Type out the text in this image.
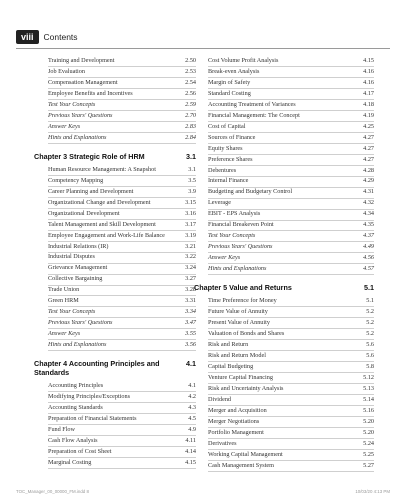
viii	Contents
Training and Development	2.50
Job Evaluation	2.53
Compensation Management	2.54
Employee Benefits and Incentives	2.56
Test Your Concepts	2.59
Previous Years' Questions	2.70
Answer Keys	2.83
Hints and Explanations	2.84
Chapter 3 Strategic Role of HRM	3.1
Human Resource Management: A Snapshot	3.1
Competency Mapping	3.5
Career Planning and Development	3.9
Organizational Change and Development	3.15
Organizational Development	3.16
Talent Management and Skill Development	3.17
Employee Engagement and Work-Life Balance	3.19
Industrial Relations (IR)	3.21
Industrial Disputes	3.22
Grievance Management	3.24
Collective Bargaining	3.27
Trade Union	3.28
Green HRM	3.31
Test Your Concepts	3.34
Previous Years' Questions	3.47
Answer Keys	3.55
Hints and Explanations	3.56
Chapter 4 Accounting Principles and Standards
4.1
Accounting Principles	4.1
Modifying Principles/Exceptions	4.2
Accounting Standards	4.3
Preparation of Financial Statements	4.5
Fund Flow	4.9
Cash Flow Analysis	4.11
Preparation of Cost Sheet	4.14
Marginal Costing	4.15
Cost Volume Profit Analysis	4.15
Break-even Analysis	4.16
Margin of Safety	4.16
Standard Costing	4.17
Accounting Treatment of Variances	4.18
Financial Management: The Concept	4.19
Cost of Capital	4.25
Sources of Finance	4.27
Equity Shares	4.27
Preference Shares	4.27
Debentures	4.28
Internal Finance	4.29
Budgeting and Budgetary Control	4.31
Leverage	4.32
EBIT - EPS Analysis	4.34
Financial Breakeven Point	4.35
Test Your Concepts	4.37
Previous Years' Questions	4.49
Answer Keys	4.56
Hints and Explanations	4.57
Chapter 5 Value and Returns	5.1
Time Preference for Money	5.1
Future Value of Annuity	5.2
Present Value of Annuity	5.2
Valuation of Bonds and Shares	5.2
Risk and Return	5.6
Risk and Return Model	5.6
Capital Budgeting	5.8
Venture Capital Financing	5.12
Risk and Uncertainty Analysis	5.13
Dividend	5.14
Merger and Acquisition	5.16
Merger Negotiations	5.20
Portfolio Management	5.20
Derivatives	5.24
Working Capital Management	5.25
Cash Management System	5.27
TOC_Manager_00_00000_FM.indd 8	10/03/20 4:13 PM
